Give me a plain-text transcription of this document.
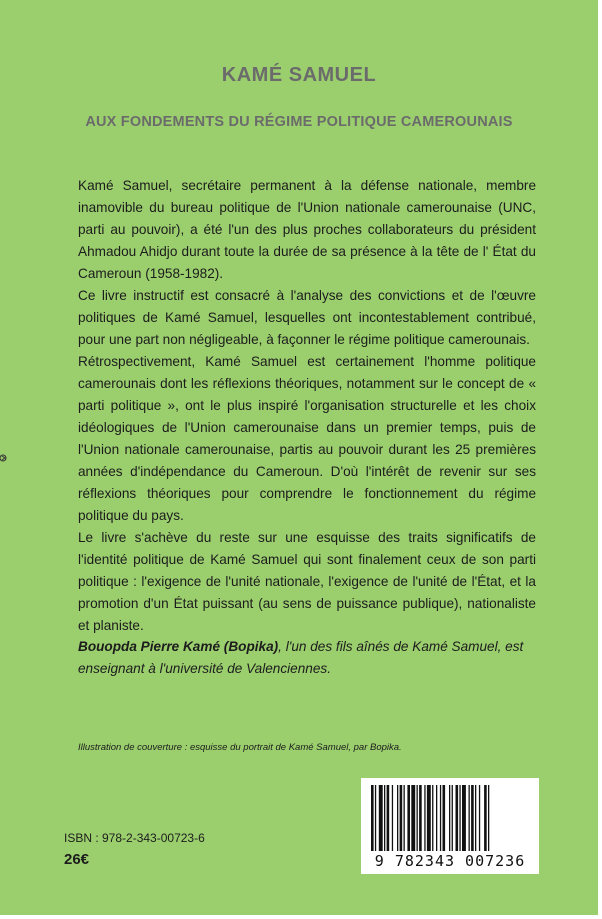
KAMÉ SAMUEL
AUX FONDEMENTS DU RÉGIME POLITIQUE CAMEROUNAIS

Kamé Samuel, secrétaire permanent à la défense nationale, membre inamovible du bureau politique de l'Union nationale camerounaise (UNC, parti au pouvoir), a été l'un des plus proches collaborateurs du président Ahmadou Ahidjo durant toute la durée de sa présence à la tête de l' État du Cameroun (1958-1982).

Ce livre instructif est consacré à l'analyse des convictions et de l'œuvre politiques de Kamé Samuel, lesquelles ont incontestablement contribué, pour une part non négligeable, à façonner le régime politique camerounais.

Rétrospectivement, Kamé Samuel est certainement l'homme politique camerounais dont les réflexions théoriques, notamment sur le concept de « parti politique », ont le plus inspiré l'organisation structurelle et les choix idéologiques de l'Union camerounaise dans un premier temps, puis de l'Union nationale camerounaise, partis au pouvoir durant les 25 premières années d'indépendance du Cameroun. D'où l'intérêt de revenir sur ses réflexions théoriques pour comprendre le fonctionnement du régime politique du pays.

Le livre s'achève du reste sur une esquisse des traits significatifs de l'identité politique de Kamé Samuel qui sont finalement ceux de son parti politique : l'exigence de l'unité nationale, l'exigence de l'unité de l'État, et la promotion d'un État puissant (au sens de puissance publique), nationaliste et planiste.

Bouopda Pierre Kamé (Bopika), l'un des fils aînés de Kamé Samuel, est enseignant à l'université de Valenciennes.
Illustration de couverture : esquisse du portrait de Kamé Samuel, par Bopika.
ISBN : 978-2-343-00723-6
26€	9 782343 007236
